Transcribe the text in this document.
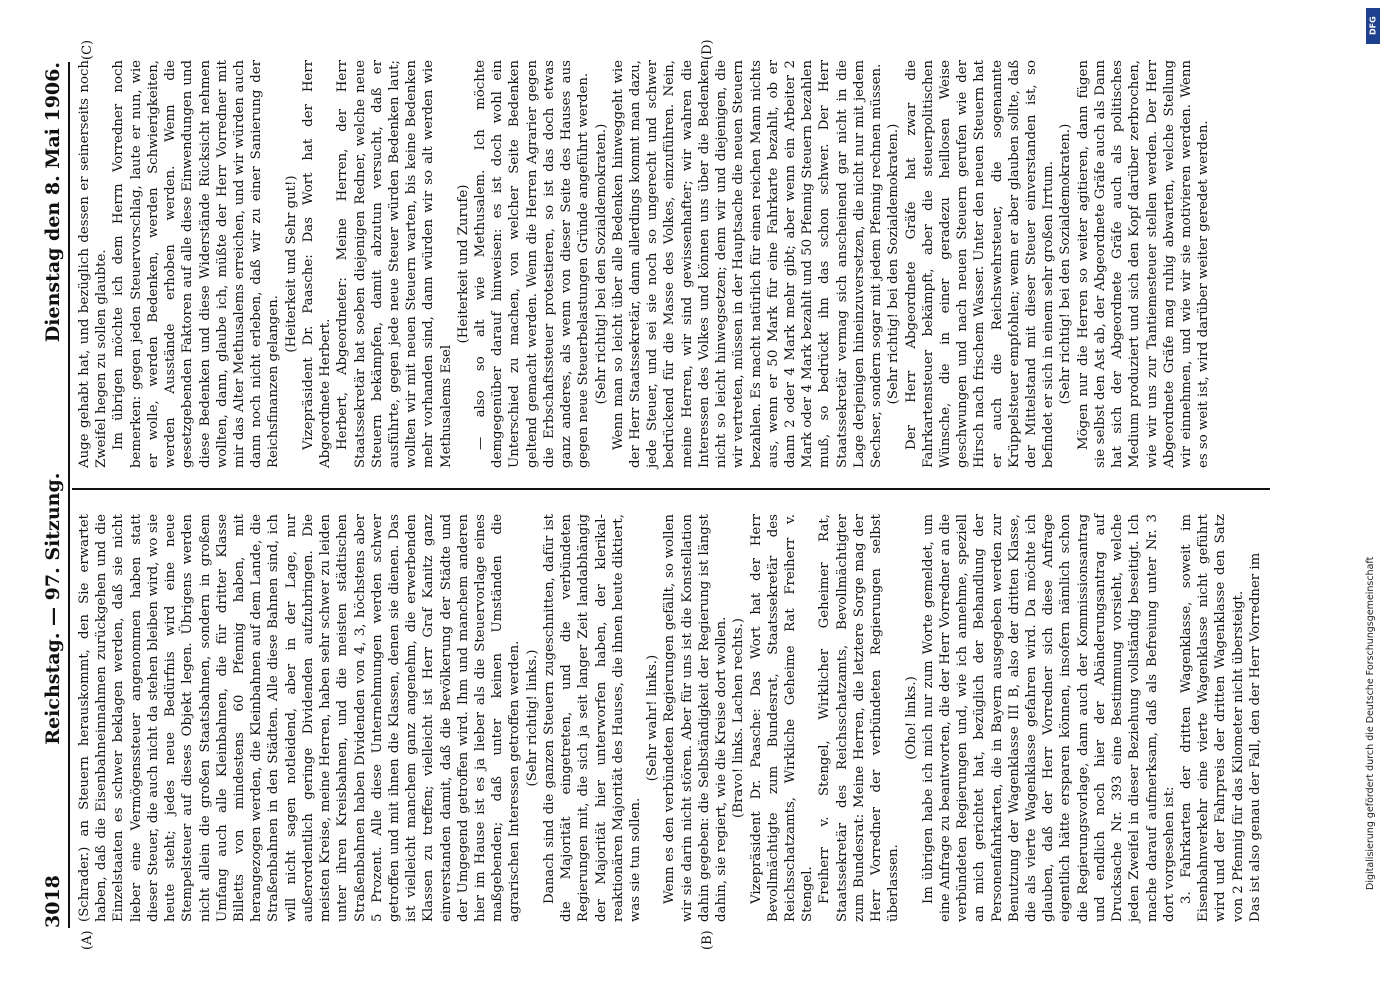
3018
Reichstag. — 97. Sitzung.
Dienstag den 8. Mai 1906.
(A)	(B)
(C)	(D)

(Schrader.) an Steuern herauskommt, den Sie erwartet haben, daß die Eisenbahneinnahmen zurückgehen und die Einzelstaaten es schwer beklagen werden, daß sie nicht lieber eine Vermögenssteuer angenommen haben statt dieser Steuer, die auch nicht da stehen bleiben wird, wo sie heute steht; jedes neue Bedürfnis wird eine neue Stempelsteuer auf dieses Objekt legen. Übrigens werden nicht allein die großen Staatsbahnen, sondern in großem Umfang auch alle Kleinbahnen, die für dritter Klasse Billetts von mindestens 60 Pfennig haben, mit herangezogen werden, die Kleinbahnen auf dem Lande, die Straßenbahnen in den Städten. Alle diese Bahnen sind, ich will nicht sagen notleidend, aber in der Lage, nur außerordentlich geringe Dividenden aufzubringen. Die meisten Kreise, meine Herren, haben sehr schwer zu leiden unter ihren Kreisbahnen, und die meisten städtischen Straßenbahnen haben Dividenden von 4, 3, höchstens aber 5 Prozent. Alle diese Unternehmungen werden schwer getroffen und mit ihnen die Klassen, denen sie dienen. Das ist vielleicht manchem ganz angenehm, die erwerbenden Klassen zu treffen; vielleicht ist Herr Graf Kanitz ganz einverstanden damit, daß die Bevölkerung der Städte und der Umgegend getroffen wird. Ihm und manchem anderen hier im Hause ist es ja lieber als die Steuervorlage eines maßgebenden; daß unter keinen Umständen die agrarischen Interessen getroffen werden. (Sehr richtig! links.) Danach sind die ganzen Steuern zugeschnitten, dafür ist die Majorität eingetreten, und die verbündeten Regierungen mit, die sich ja seit langer Zeit landabhängig der Majorität hier unterworfen haben, der klerikal-reaktionären Majorität des Hauses, die ihnen heute diktiert, was sie tun sollen.

(Sehr wahr! links.) Wenn es den verbündeten Regierungen gefällt, so wollen wir sie darin nicht stören. Aber für uns ist die Konstellation dahin gegeben: die Selbständigkeit der Regierung ist längst dahin, sie regiert, wie die Kreise dort wollen. (Bravo! links. Lachen rechts.) Vizepräsident Dr. Paasche: Das Wort hat der Herr Bevollmächtigte zum Bundesrat, Staatssekretär des Reichsschatzamts, Wirkliche Geheime Rat Freiherr v. Stengel. Freiherr v. Stengel, Wirklicher Geheimer Rat, Staatssekretär des Reichsschatzamts, Bevollmächtigter zum Bundesrat: Meine Herren, die letztere Sorge mag der Herr Vorredner der verbündeten Regierungen selbst überlassen.

(Oho! links.) Im übrigen habe ich mich nur zum Worte gemeldet, um eine Anfrage zu beantworten, die der Herr Vorredner an die verbündeten Regierungen und, wie ich annehme, speziell an mich gerichtet hat, bezüglich der Behandlung der Personenfahrkarten, die in Bayern ausgegeben werden zur Benutzung der Wagenklasse III B, also der dritten Klasse, die als vierte Wagenklasse gefahren wird. Da möchte ich glauben, daß der Herr Vorredner sich diese Anfrage eigentlich hätte ersparen können, insofern nämlich schon die Regierungsvorlage, dann auch der Kommissionsantrag und endlich noch hier der Abänderungsantrag auf Drucksache Nr. 393 eine Bestimmung vorsieht, welche jeden Zweifel in dieser Beziehung vollständig beseitigt. Ich mache darauf aufmerksam, daß als Befreiung unter Nr. 3 dort vorgesehen ist: 3. Fahrkarten der dritten Wagenklasse, soweit im Eisenbahnverkehr eine vierte Wagenklasse nicht geführt wird und der Fahrpreis der dritten Wagenklasse den Satz von 2 Pfennig für das Kilometer nicht übersteigt. Das ist also genau der Fall, den der Herr Vorredner im

Auge gehabt hat, und bezüglich dessen er seinerseits noch Zweifel hegen zu sollen glaubte. Im übrigen möchte ich dem Herrn Vorredner noch bemerken: gegen jeden Steuervorschlag, laute er nun, wie er wolle, werden Bedenken, werden Schwierigkeiten, werden Ausstände erhoben werden. Wenn die gesetzgebenden Faktoren auf alle diese Einwendungen und diese Bedenken und diese Widerstände Rücksicht nehmen wollten, dann, glaube ich, müßte der Herr Vorredner mit mir das Alter Methusalems erreichen, und wir würden auch dann noch nicht erleben, daß wir zu einer Sanierung der Reichsfinanzen gelangen.

(Heiterkeit und Sehr gut!) Vizepräsident Dr. Paasche: Das Wort hat der Herr Abgeordnete Herbert. Herbert, Abgeordneter: Meine Herren, der Herr Staatssekretär hat soeben diejenigen Redner, welche neue Steuern bekämpfen, damit abzutun versucht, daß er ausführte, gegen jede neue Steuer würden Bedenken laut; wollten wir mit neuen Steuern warten, bis keine Bedenken mehr vorhanden sind, dann würden wir so alt werden wie Methusalems Esel

(Heiterkeit und Zurufe) — also so alt wie Methusalem. Ich möchte demgegenüber darauf hinweisen: es ist doch wohl ein Unterschied zu machen, von welcher Seite Bedenken geltend gemacht werden. Wenn die Herren Agrarier gegen die Erbschaftssteuer protestieren, so ist das doch etwas ganz anderes, als wenn von dieser Seite des Hauses aus gegen neue Steuerbelastungen Gründe angeführt werden. (Sehr richtig! bei den Sozialdemokraten.) Wenn man so leicht über alle Bedenken hinweggeht wie der Herr Staatssekretär, dann allerdings kommt man dazu, jede Steuer, und sei sie noch so ungerecht und schwer bedrückend für die Masse des Volkes, einzuführen. Nein, meine Herren, wir sind gewissenhafter; wir wahren die Interessen des Volkes und können uns über die Bedenken nicht so leicht hinwegsetzen; denn wir und diejenigen, die wir vertreten, müssen in der Hauptsache die neuen Steuern bezahlen. Es macht natürlich für einen reichen Mann nichts aus, wenn er 50 Mark für eine Fahrkarte bezahlt, ob er dann 2 oder 4 Mark mehr gibt; aber wenn ein Arbeiter 2 Mark oder 4 Mark bezahlt und 50 Pfennig Steuern bezahlen muß, so bedrückt ihn das schon schwer. Der Herr Staatssekretär vermag sich anscheinend gar nicht in die Lage derjenigen hineinzuversetzen, die nicht nur mit jedem Sechser, sondern sogar mit jedem Pfennig rechnen müssen. (Sehr richtig! bei den Sozialdemokraten.) Der Herr Abgeordnete Gräfe hat zwar die Fahrkartensteuer bekämpft, aber die steuerpolitischen Wünsche, die in einer geradezu heillosen Weise geschwungen und nach neuen Steuern gerufen wie der Hirsch nach frischem Wasser. Unter den neuen Steuern hat er auch die Reichswehrsteuer, die sogenannte Krüppelsteuer empfohlen; wenn er aber glauben sollte, daß der Mittelstand mit dieser Steuer einverstanden ist, so befindet er sich in einem sehr großen Irrtum. (Sehr richtig! bei den Sozialdemokraten.) Mögen nur die Herren so weiter agitieren, dann fügen sie selbst den Ast ab, der Abgeordnete Gräfe auch als Dann hat sich der Abgeordnete Gräfe auch als politisches Medium produziert und sich den Kopf darüber zerbrochen, wie wir uns zur Tantiemesteuer stellen werden. Der Herr Abgeordnete Gräfe mag ruhig abwarten, welche Stellung wir einnehmen, und wie wir sie motivieren werden. Wenn es so weit ist, wird darüber weiter geredet werden.

DFG
Digitalisierung gefördert durch die Deutsche Forschungsgemeinschaft
